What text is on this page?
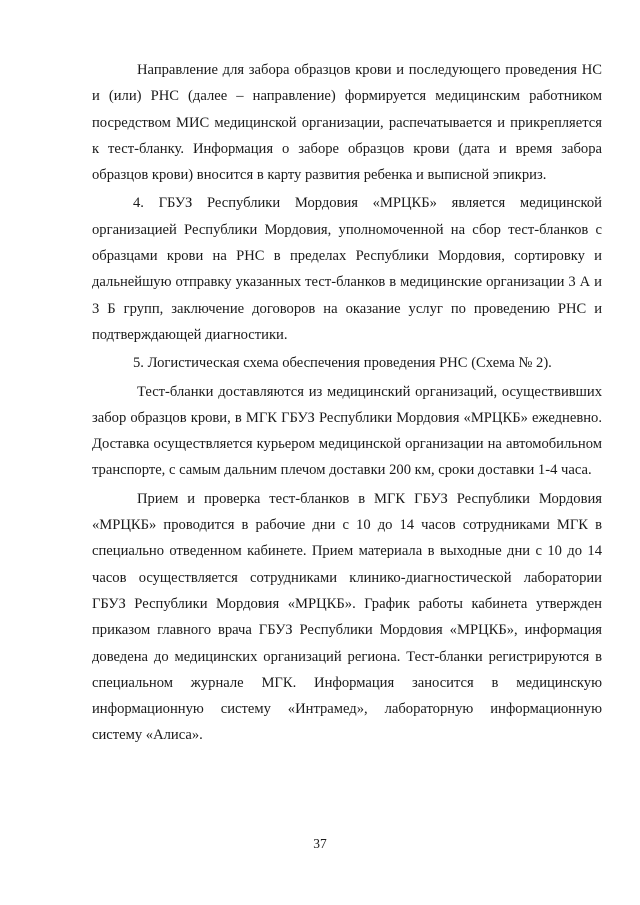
Направление для забора образцов крови и последующего проведения НС и (или) РНС (далее – направление) формируется медицинским работником посредством МИС медицинской организации, распечатывается и прикрепляется к тест-бланку. Информация о заборе образцов крови (дата и время забора образцов крови) вносится в карту развития ребенка и выписной эпикриз.

4. ГБУЗ Республики Мордовия «МРЦКБ» является медицинской организацией Республики Мордовия, уполномоченной на сбор тест-бланков с образцами крови на РНС в пределах Республики Мордовия, сортировку и дальнейшую отправку указанных тест-бланков в медицинские организации 3 А и 3 Б групп, заключение договоров на оказание услуг по проведению РНС и подтверждающей диагностики.

5. Логистическая схема обеспечения проведения РНС (Схема № 2).

Тест-бланки доставляются из медицинский организаций, осуществивших забор образцов крови, в МГК ГБУЗ Республики Мордовия «МРЦКБ» ежедневно. Доставка осуществляется курьером медицинской организации на автомобильном транспорте, с самым дальним плечом доставки 200 км, сроки доставки 1-4 часа.

Прием и проверка тест-бланков в МГК ГБУЗ Республики Мордовия «МРЦКБ» проводится в рабочие дни с 10 до 14 часов сотрудниками МГК в специально отведенном кабинете. Прием материала в выходные дни с 10 до 14 часов осуществляется сотрудниками клинико-диагностической лаборатории ГБУЗ Республики Мордовия «МРЦКБ». График работы кабинета утвержден приказом главного врача ГБУЗ Республики Мордовия «МРЦКБ», информация доведена до медицинских организаций региона. Тест-бланки регистрируются в специальном журнале МГК. Информация заносится в медицинскую информационную систему «Интрамед», лабораторную информационную систему «Алиса».

37
